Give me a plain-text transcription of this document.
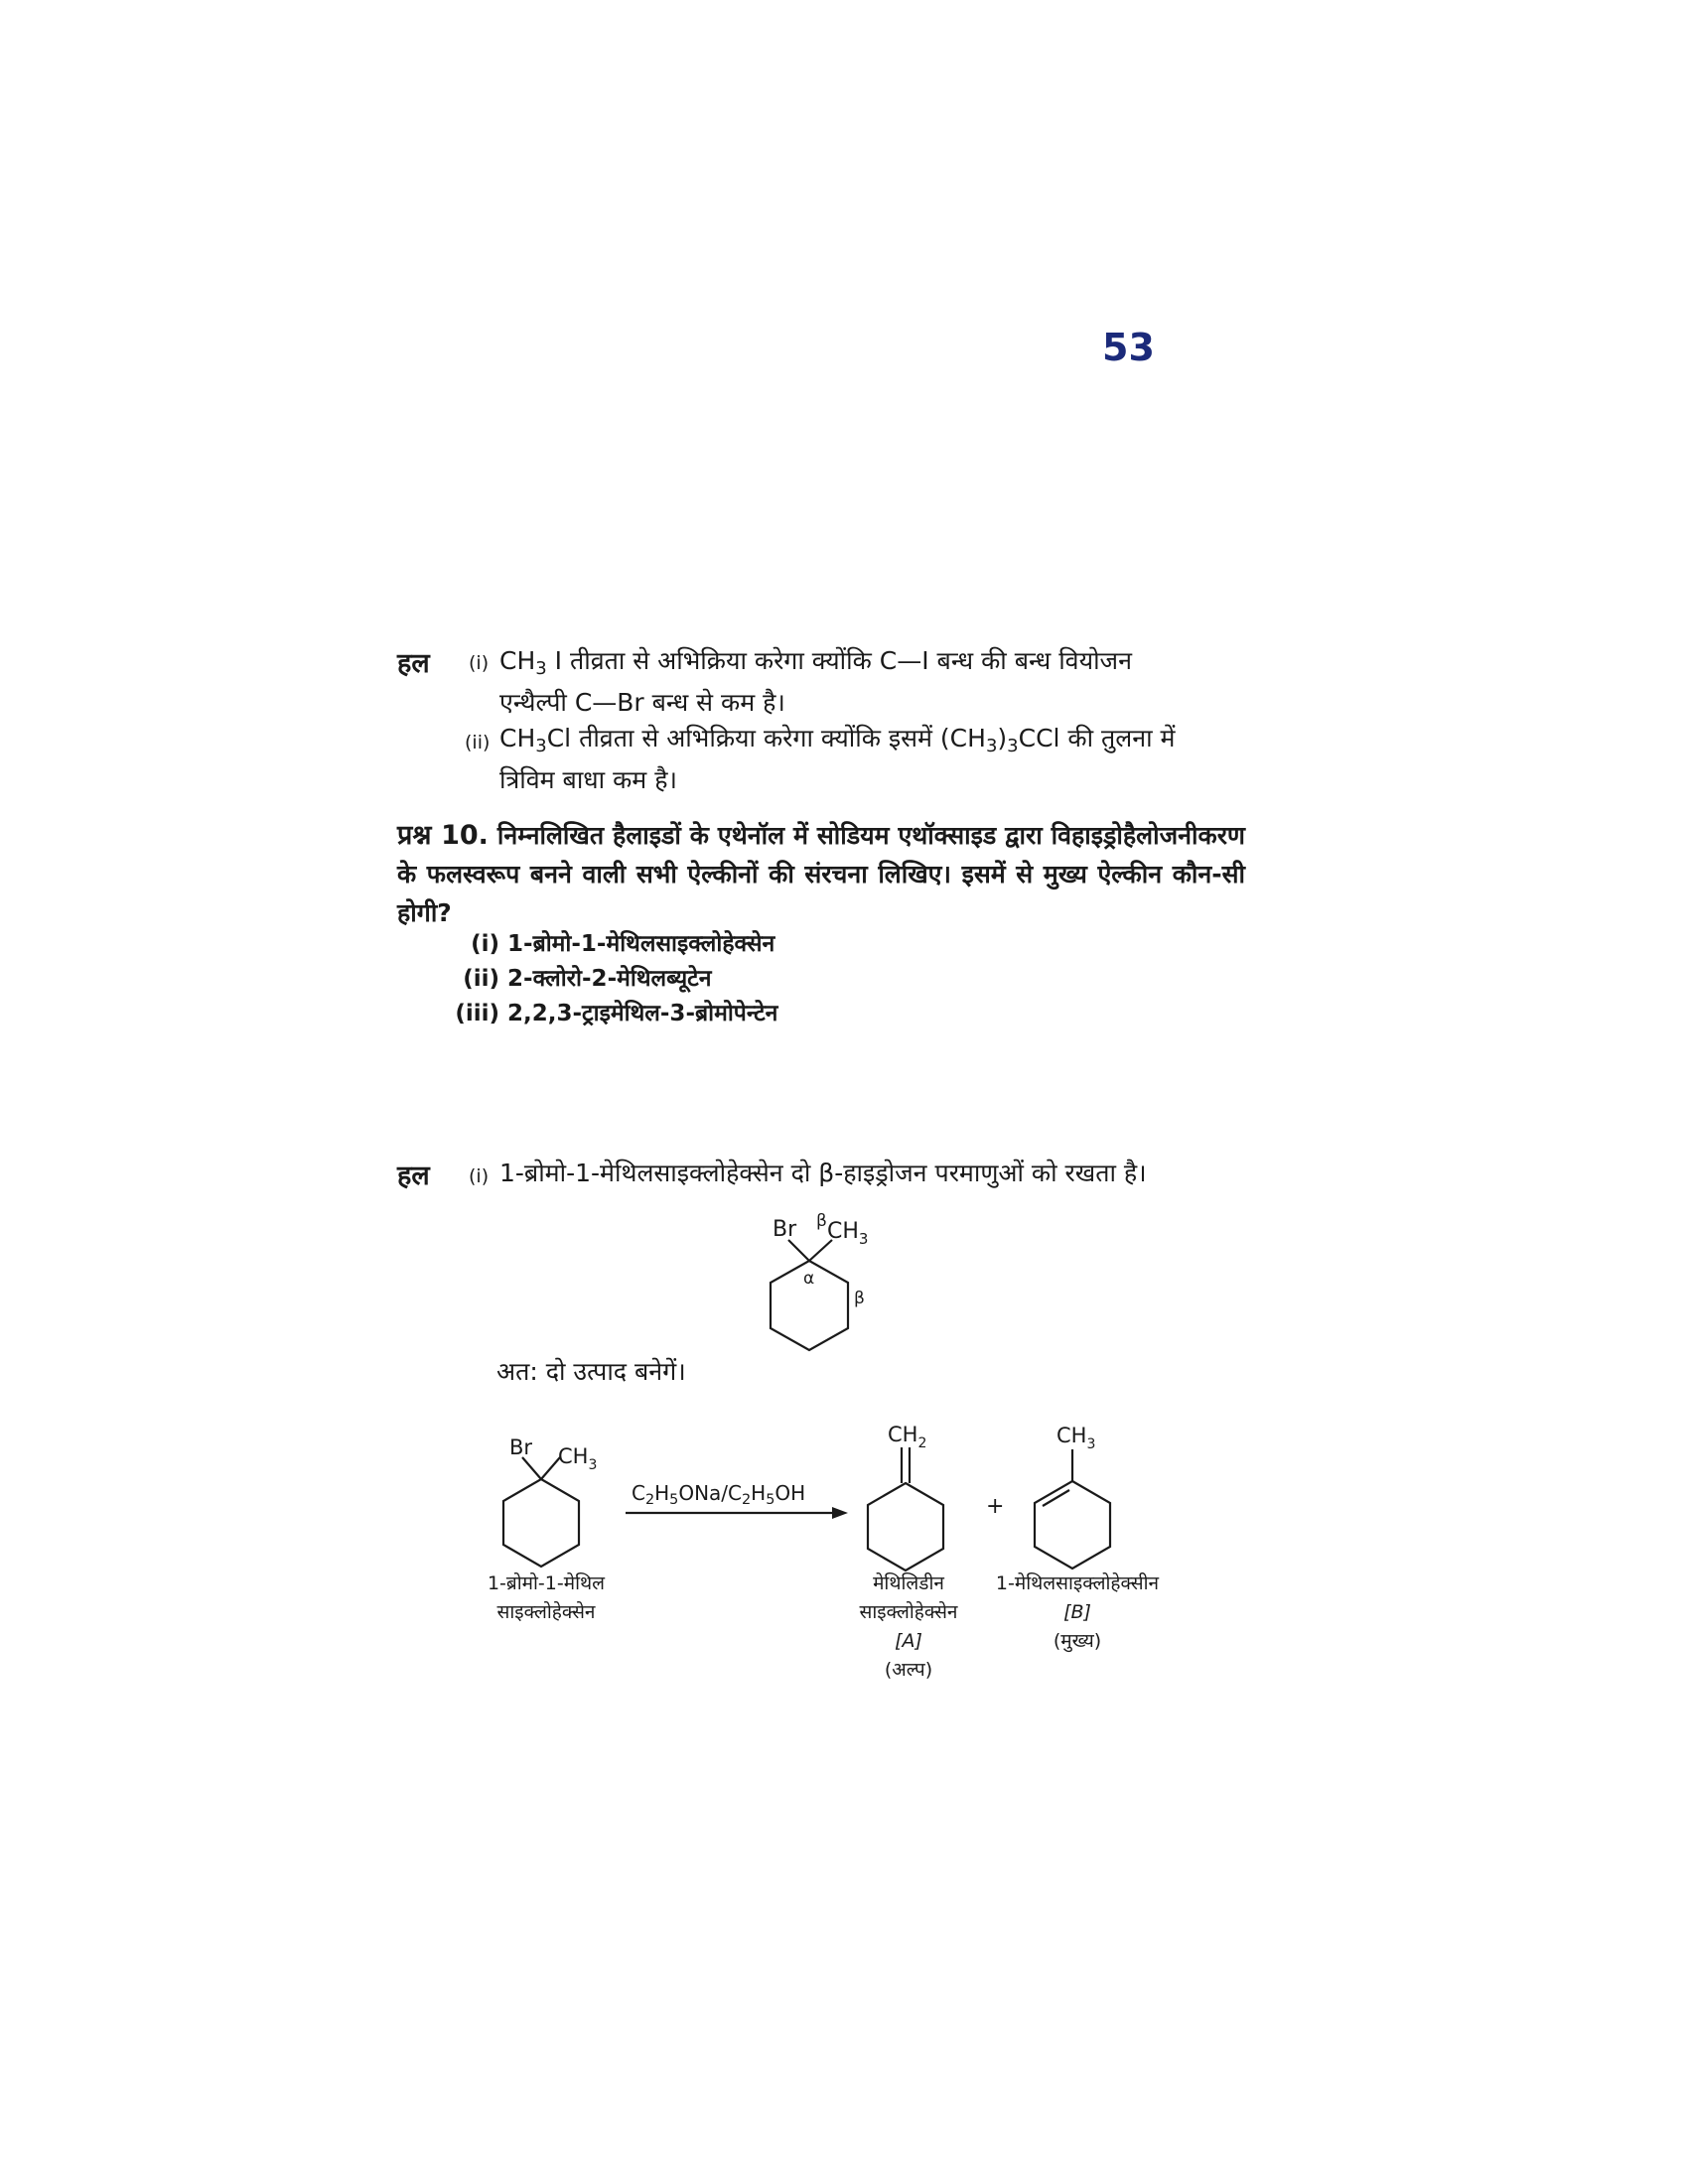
53
हल (i) $CH_3$ I तीव्रता से अभिक्रिया करेगा क्योंकि C—I बन्ध की बन्ध वियोजन
एन्थैल्पी C—Br बन्ध से कम है।
(ii) $CH_3Cl$ तीव्रता से अभिक्रिया करेगा क्योंकि इसमें $(CH_3)_3CCl$ की तुलना में
त्रिविम बाधा कम है।
प्रश्न 10. निम्नलिखित हैलाइडों के एथेनॉल में सोडियम एथॉक्साइड द्वारा विहाइड्रोहैलोजनीकरण के फलस्वरूप बनने वाली सभी ऐल्कीनों की संरचना लिखिए। इसमें से मुख्य ऐल्कीन कौन-सी होगी?
(i) 1-ब्रोमो-1-मेथिलसाइक्लोहेक्सेन
(ii) 2-क्लोरो-2-मेथिलब्यूटेन
(iii) 2,2,3-ट्राइमेथिल-3-ब्रोमोपेन्टेन
हल (i) 1-ब्रोमो-1-मेथिलसाइक्लोहेक्सेन दो β-हाइड्रोजन परमाणुओं को रखता है।
Br β $CH_3$
α
β
अत: दो उत्पाद बनेगें।
Br $CH_3$
1-ब्रोमो-1-मेथिल
साइक्लोहेक्सेन
$C_2H_5ONa/C_2H_5OH$
$CH_2$
मेथिलिडीन
साइक्लोहेक्सेन
[A]
(अल्प)
+
$CH_3$
1-मेथिलसाइक्लोहेक्सीन
[B]
(मुख्य)
